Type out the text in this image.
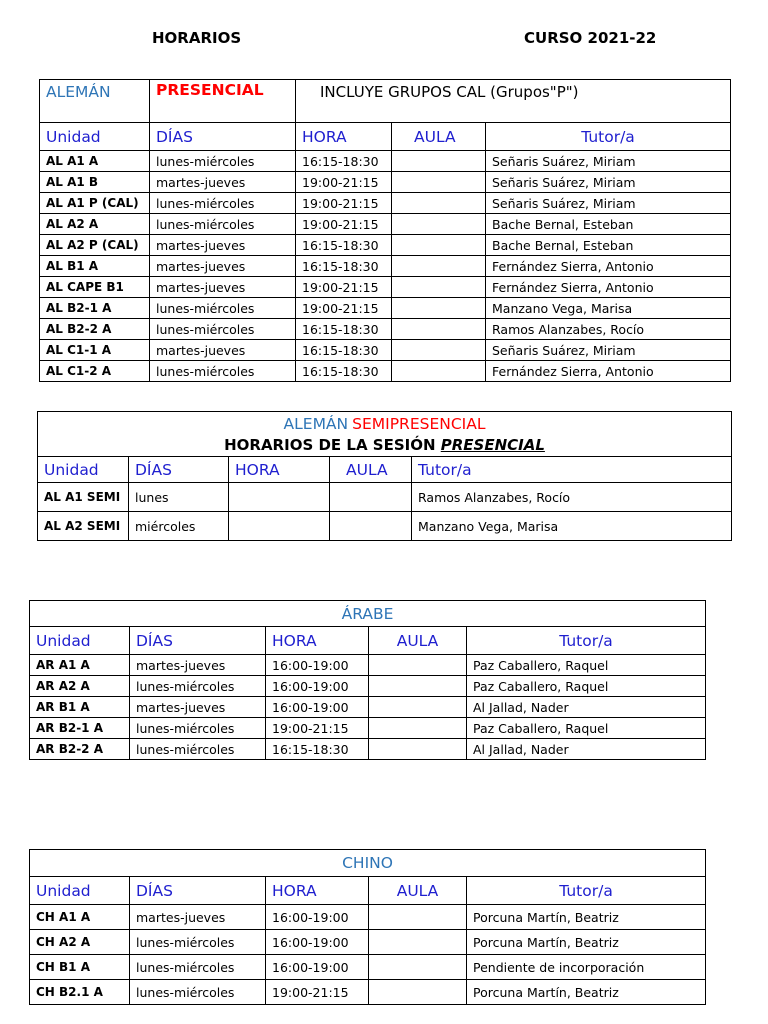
HORARIOS	CURSO 2021-22
ALEMÁN	PRESENCIAL	INCLUYE GRUPOS CAL (Grupos"P")		
Unidad	DÍAS	HORA	AULA	Tutor/a
AL A1 A	lunes-miércoles	16:15-18:30		Señaris Suárez, Miriam
AL A1 B	martes-jueves	19:00-21:15		Señaris Suárez, Miriam
AL A1 P (CAL)	lunes-miércoles	19:00-21:15		Señaris Suárez, Miriam
AL A2 A	lunes-miércoles	19:00-21:15		Bache Bernal, Esteban
AL A2 P (CAL)	martes-jueves	16:15-18:30		Bache Bernal, Esteban
AL B1 A	martes-jueves	16:15-18:30		Fernández Sierra, Antonio
AL CAPE B1	martes-jueves	19:00-21:15		Fernández Sierra, Antonio
AL B2-1 A	lunes-miércoles	19:00-21:15		Manzano Vega, Marisa
AL B2-2 A	lunes-miércoles	16:15-18:30		Ramos Alanzabes, Rocío
AL C1-1 A	martes-jueves	16:15-18:30		Señaris Suárez, Miriam
AL C1-2 A	lunes-miércoles	16:15-18:30		Fernández Sierra, Antonio
ALEMÁN SEMIPRESENCIAL
HORARIOS DE LA SESIÓN PRESENCIAL				
Unidad	DÍAS	HORA	AULA	Tutor/a
AL A1 SEMI	lunes			Ramos Alanzabes, Rocío
AL A2 SEMI	miércoles			Manzano Vega, Marisa
ÁRABE				
Unidad	DÍAS	HORA	AULA	Tutor/a
AR A1 A	martes-jueves	16:00-19:00		Paz Caballero, Raquel
AR A2 A	lunes-miércoles	16:00-19:00		Paz Caballero, Raquel
AR B1 A	martes-jueves	16:00-19:00		Al Jallad, Nader
AR B2-1 A	lunes-miércoles	19:00-21:15		Paz Caballero, Raquel
AR B2-2 A	lunes-miércoles	16:15-18:30		Al Jallad, Nader
CHINO				
Unidad	DÍAS	HORA	AULA	Tutor/a
CH A1 A	martes-jueves	16:00-19:00		Porcuna Martín, Beatriz
CH A2 A	lunes-miércoles	16:00-19:00		Porcuna Martín, Beatriz
CH B1 A	lunes-miércoles	16:00-19:00		Pendiente de incorporación
CH B2.1 A	lunes-miércoles	19:00-21:15		Porcuna Martín, Beatriz
